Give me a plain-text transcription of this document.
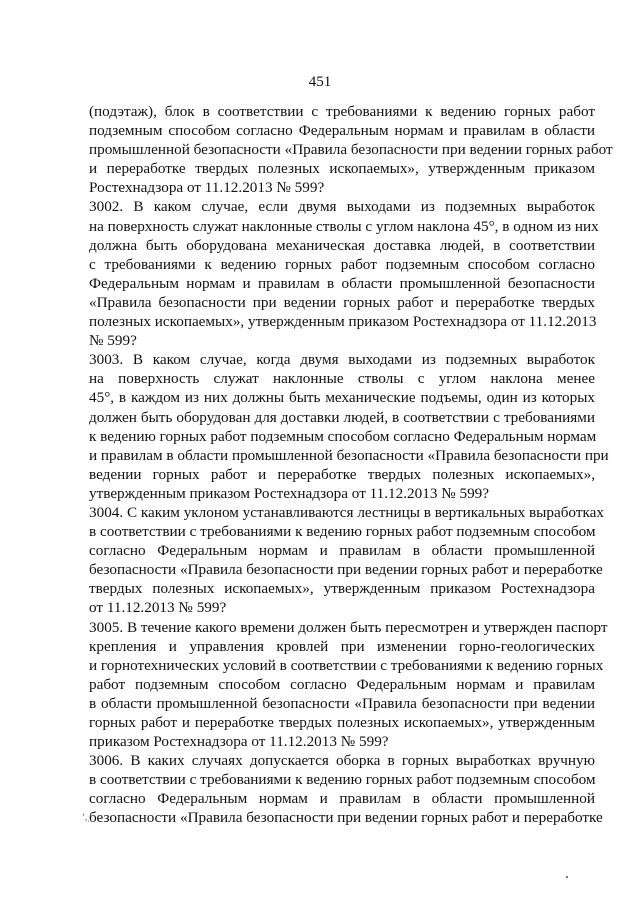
451
(подэтаж), блок в соответствии с требованиями к ведению горных работ
подземным способом согласно Федеральным нормам и правилам в области
промышленной безопасности «Правила безопасности при ведении горных работ
и переработке твердых полезных ископаемых», утвержденным приказом
Ростехнадзора от 11.12.2013 № 599?
3002. В каком случае, если двумя выходами из подземных выработок
на поверхность служат наклонные стволы с углом наклона 45°, в одном из них
должна быть оборудована механическая доставка людей, в соответствии
с требованиями к ведению горных работ подземным способом согласно
Федеральным нормам и правилам в области промышленной безопасности
«Правила безопасности при ведении горных работ и переработке твердых
полезных ископаемых», утвержденным приказом Ростехнадзора от 11.12.2013
№ 599?
3003. В каком случае, когда двумя выходами из подземных выработок
на поверхность служат наклонные стволы с углом наклона менее
45°, в каждом из них должны быть механические подъемы, один из которых
должен быть оборудован для доставки людей, в соответствии с требованиями
к ведению горных работ подземным способом согласно Федеральным нормам
и правилам в области промышленной безопасности «Правила безопасности при
ведении горных работ и переработке твердых полезных ископаемых»,
утвержденным приказом Ростехнадзора от 11.12.2013 № 599?
3004. С каким уклоном устанавливаются лестницы в вертикальных выработках
в соответствии с требованиями к ведению горных работ подземным способом
согласно Федеральным нормам и правилам в области промышленной
безопасности «Правила безопасности при ведении горных работ и переработке
твердых полезных ископаемых», утвержденным приказом Ростехнадзора
от 11.12.2013 № 599?
3005. В течение какого времени должен быть пересмотрен и утвержден паспорт
крепления и управления кровлей при изменении горно-геологических
и горнотехнических условий в соответствии с требованиями к ведению горных
работ подземным способом согласно Федеральным нормам и правилам
в области промышленной безопасности «Правила безопасности при ведении
горных работ и переработке твердых полезных ископаемых», утвержденным
приказом Ростехнадзора от 11.12.2013 № 599?
3006. В каких случаях допускается оборка в горных выработках вручную
в соответствии с требованиями к ведению горных работ подземным способом
согласно Федеральным нормам и правилам в области промышленной
безопасности «Правила безопасности при ведении горных работ и переработке
ʼ,ˌ
